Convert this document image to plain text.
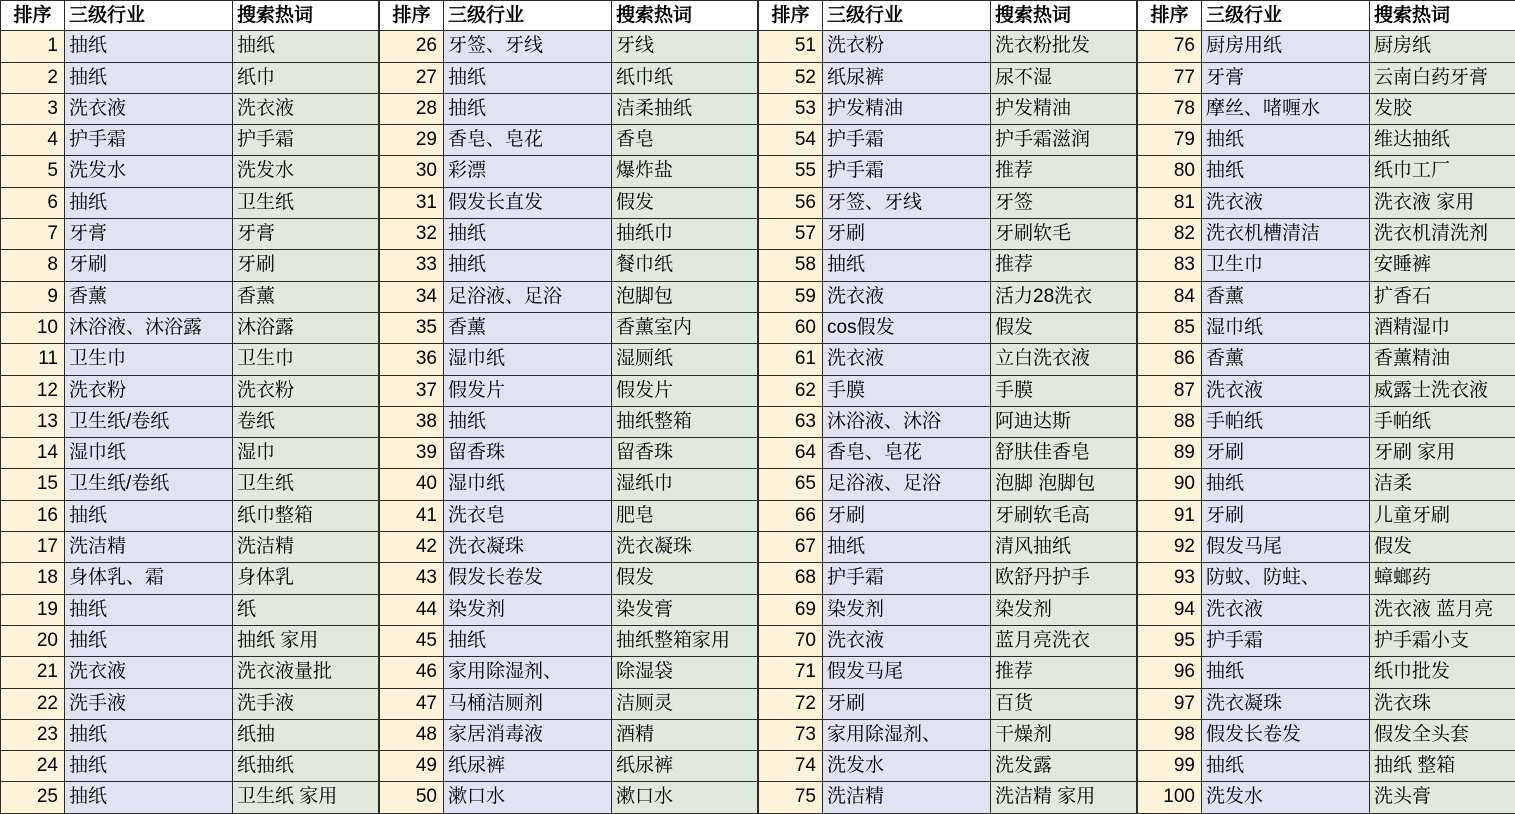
排序 三级行业	搜索热词
1 抽纸	抽纸
2 抽纸	纸巾
3 洗衣液	洗衣液
4 护手霜	护手霜
5 洗发水	洗发水
6 抽纸	卫生纸
7 牙膏	牙膏
8 牙刷	牙刷
9 香薰	香薰
10 沐浴液、沐浴露	沐浴露
11 卫生巾	卫生巾
12 洗衣粉	洗衣粉
13 卫生纸/卷纸	卷纸
14 湿巾纸	湿巾
15 卫生纸/卷纸	卫生纸
16 抽纸	纸巾整箱
17 洗洁精	洗洁精
18 身体乳、霜	身体乳
19 抽纸	纸
20 抽纸	抽纸 家用
21 洗衣液	洗衣液量批
22 洗手液	洗手液
23 抽纸	纸抽
24 抽纸	纸抽纸
25 抽纸	卫生纸 家用
排序 三级行业	搜索热词
26 牙签、牙线	牙线
27 抽纸	纸巾纸
28 抽纸	洁柔抽纸
29 香皂、皂花	香皂
30 彩漂	爆炸盐
31 假发长直发	假发
32 抽纸	抽纸巾
33 抽纸	餐巾纸
34 足浴液、足浴	泡脚包
35 香薰	香薰室内
36 湿巾纸	湿厕纸
37 假发片	假发片
38 抽纸	抽纸整箱
39 留香珠	留香珠
40 湿巾纸	湿纸巾
41 洗衣皂	肥皂
42 洗衣凝珠	洗衣凝珠
43 假发长卷发	假发
44 染发剂	染发膏
45 抽纸	抽纸整箱家用
46 家用除湿剂、	除湿袋
47 马桶洁厕剂	洁厕灵
48 家居消毒液	酒精
49 纸尿裤	纸尿裤
50 漱口水	漱口水
排序 三级行业	搜索热词
51 洗衣粉	洗衣粉批发
52 纸尿裤	尿不湿
53 护发精油	护发精油
54 护手霜	护手霜滋润
55 护手霜	推荐
56 牙签、牙线	牙签
57 牙刷	牙刷软毛
58 抽纸	推荐
59 洗衣液	活力28洗衣
60 cos假发	假发
61 洗衣液	立白洗衣液
62 手膜	手膜
63 沐浴液、沐浴	阿迪达斯
64 香皂、皂花	舒肤佳香皂
65 足浴液、足浴	泡脚 泡脚包
66 牙刷	牙刷软毛高
67 抽纸	清风抽纸
68 护手霜	欧舒丹护手
69 染发剂	染发剂
70 洗衣液	蓝月亮洗衣
71 假发马尾	推荐
72 牙刷	百货
73 家用除湿剂、	干燥剂
74 洗发水	洗发露
75 洗洁精	洗洁精 家用
排序 三级行业	搜索热词
76 厨房用纸	厨房纸
77 牙膏	云南白药牙膏
78 摩丝、啫喱水	发胶
79 抽纸	维达抽纸
80 抽纸	纸巾工厂
81 洗衣液	洗衣液 家用
82 洗衣机槽清洁	洗衣机清洗剂
83 卫生巾	安睡裤
84 香薰	扩香石
85 湿巾纸	酒精湿巾
86 香薰	香薰精油
87 洗衣液	威露士洗衣液
88 手帕纸	手帕纸
89 牙刷	牙刷 家用
90 抽纸	洁柔
91 牙刷	儿童牙刷
92 假发马尾	假发
93 防蚊、防蛀、	蟑螂药
94 洗衣液	洗衣液 蓝月亮
95 护手霜	护手霜小支
96 抽纸	纸巾批发
97 洗衣凝珠	洗衣珠
98 假发长卷发	假发全头套
99 抽纸	抽纸 整箱
100 洗发水	洗头膏
